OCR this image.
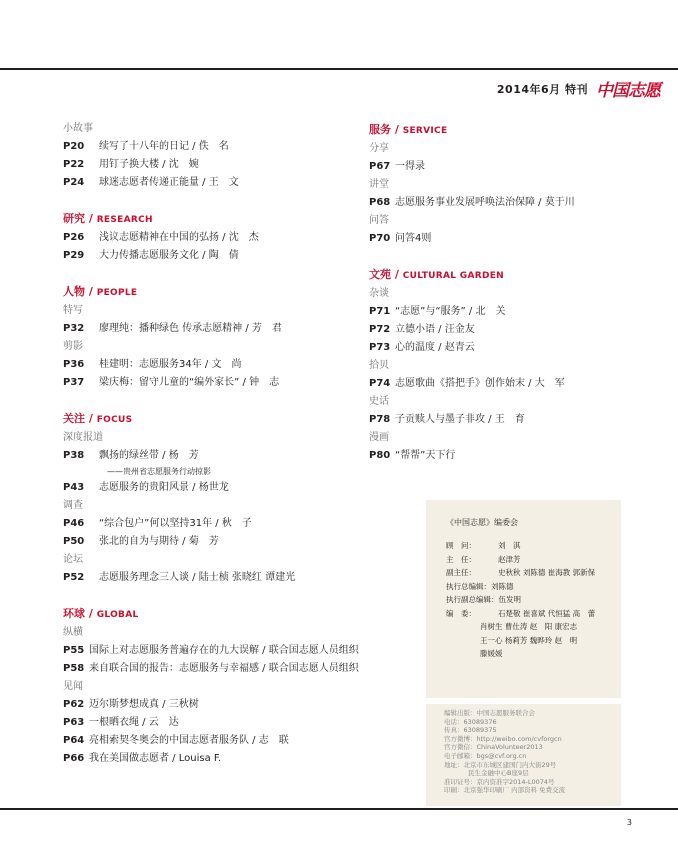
2014年6月 特刊 中国志愿
小故事
P20	续写了十八年的日记 / 佚　名
P22	用钉子换大楼 / 沈　婉
P24	球迷志愿者传递正能量 / 王　文
研究 / RESEARCH
P26	浅议志愿精神在中国的弘扬 / 沈　杰
P29	大力传播志愿服务文化 / 陶　倩
人物 / PEOPLE
特写
P32	廖理纯：播种绿色 传承志愿精神 / 芳　君
剪影
P36	桂建明：志愿服务34年 / 文　尚
P37	梁庆梅：留守儿童的“编外家长” / 钟　志
关注 / FOCUS
深度报道
P38	飘扬的绿丝带 / 杨　芳
——贵州省志愿服务行动掠影
P43	志愿服务的贵阳风景 / 杨世龙
调查
P46	“综合包户”何以坚持31年 / 秋　子
P50	张北的自为与期待 / 菊　芳
论坛
P52	志愿服务理念三人谈 / 陆士桢 张晓红 谭建光
环球 / GLOBAL
纵横
P55 国际上对志愿服务普遍存在的九大误解 / 联合国志愿人员组织
P58 来自联合国的报告：志愿服务与幸福感 / 联合国志愿人员组织
见闻
P62 迈尔斯梦想成真 / 三秋树
P63 一根晒衣绳 / 云　达
P64 亮相索契冬奥会的中国志愿者服务队 / 志　联
P66 我在美国做志愿者 / Louisa F.
服务 / SERVICE
分享
P67 一得录
讲堂
P68 志愿服务事业发展呼唤法治保障 / 莫于川
问答
P70 问答4则
文苑 / CULTURAL GARDEN
杂谈
P71 “志愿”与“服务” / 北　关
P72 立德小语 / 汪金友
P73 心的温度 / 赵青云
拾贝
P74 志愿歌曲《搭把手》创作始末 / 大　军
史话
P78 子贡赎人与墨子非攻 / 王　育
漫画
P80 “帮帮”天下行
《中国志愿》编委会
顾　问：	刘　淇
主　任：	赵津芳
副主任：	史秋秋 刘陈德 崔海教 郭新保
执行总编辑： 刘陈德
执行副总编辑： 伍发明
编　委：	石楚敬 崔喜斌 代恒猛 高　蕾
肖树生 曹仕涛 赵　阳 康宏志
王一心 杨莉芳 魏晔玲 赵　明
滕媛媛
编辑出版：中国志愿服务联合会
电话：63089376
传真：63089375
官方微博：http://weibo.com/cvforgcn
官方微信：ChinaVolunteer2013
电子邮箱：bgs@cvf.org.cn
地址：北京市东城区建国门内大街29号
民生金融中心B座9层
准印证号：京内资准字2014-L0074号
印刷：北京强华印刷厂 内部资料 免费交流
3
